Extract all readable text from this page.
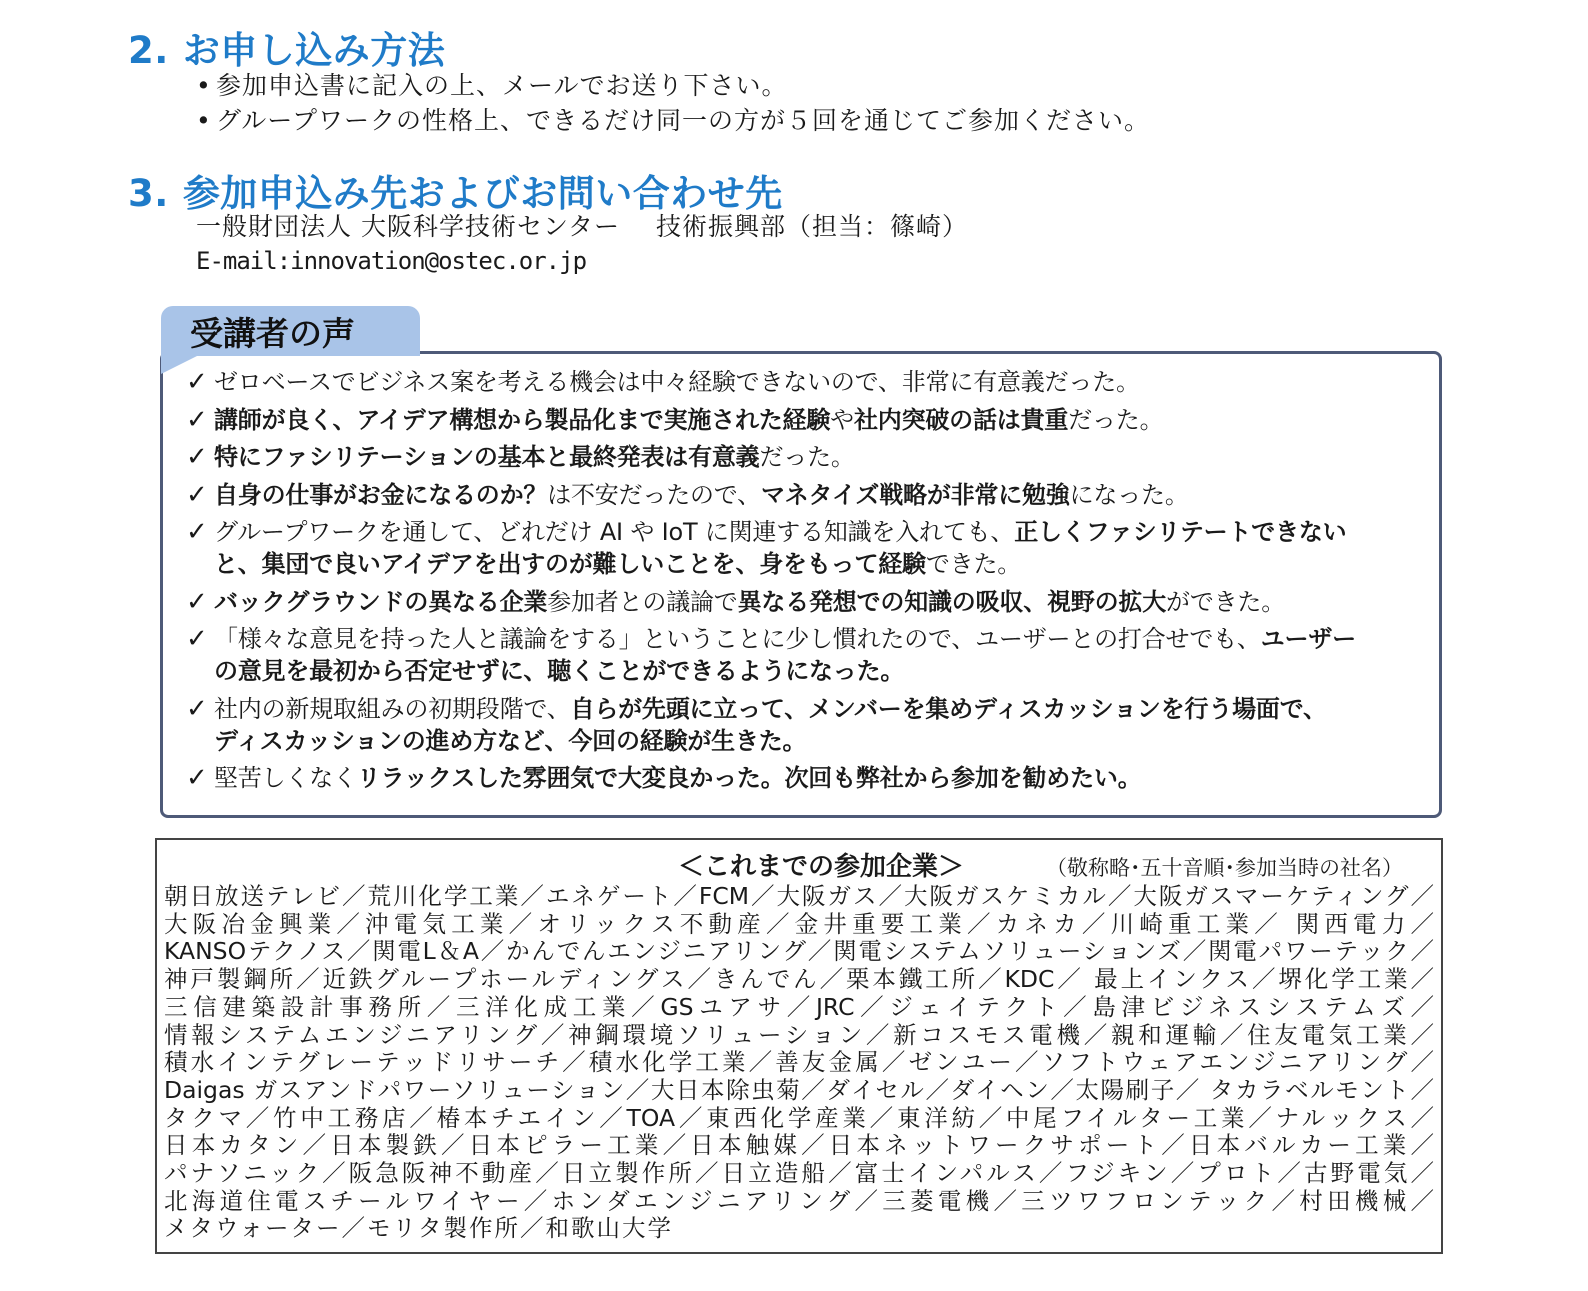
2. お申し込み方法
• 参加申込書に記入の上、メールでお送り下さい。
• グループワークの性格上、できるだけ同一の方が５回を通じてご参加ください。
3. 参加申込み先およびお問い合わせ先
一般財団法人 大阪科学技術センター 技術振興部（担当：篠崎）
E-mail:innovation@ostec.or.jp
受講者の声
✓ ゼロベースでビジネス案を考える機会は中々経験できないので、非常に有意義だった。
✓ 講師が良く、アイデア構想から製品化まで実施された経験や社内突破の話は貴重だった。
✓ 特にファシリテーションの基本と最終発表は有意義だった。
✓ 自身の仕事がお金になるのか？は不安だったので、マネタイズ戦略が非常に勉強になった。
✓ グループワークを通して、どれだけ AI や IoT に関連する知識を入れても、正しくファシリテートできない
と、集団で良いアイデアを出すのが難しいことを、身をもって経験できた。
✓ バックグラウンドの異なる企業参加者との議論で異なる発想での知識の吸収、視野の拡大ができた。
✓ 「様々な意見を持った人と議論をする」ということに少し慣れたので、ユーザーとの打合せでも、ユーザー
の意見を最初から否定せずに、聴くことができるようになった。
✓ 社内の新規取組みの初期段階で、自らが先頭に立って、メンバーを集めディスカッションを行う場面で、
ディスカッションの進め方など、今回の経験が生きた。
✓ 堅苦しくなくリラックスした雰囲気で大変良かった。次回も弊社から参加を勧めたい。
＜これまでの参加企業＞	（敬称略･五十音順･参加当時の社名）
朝日放送テレビ／荒川化学工業／エネゲート／FCM／大阪ガス／大阪ガスケミカル／大阪ガスマーケティング／
大阪冶金興業／沖電気工業／オリックス不動産／金井重要工業／カネカ／川崎重工業／ 関西電力／
KANSOテクノス／関電L＆A／かんでんエンジニアリング／関電システムソリューションズ／関電パワーテック／
神戸製鋼所／近鉄グループホールディングス／きんでん／栗本鐵工所／KDC／ 最上インクス／堺化学工業／
三信建築設計事務所／三洋化成工業／GSユアサ／JRC／ジェイテクト／島津ビジネスシステムズ／
情報システムエンジニアリング／神鋼環境ソリューション／新コスモス電機／親和運輸／住友電気工業／
積水インテグレーテッドリサーチ／積水化学工業／善友金属／ゼンユー／ソフトウェアエンジニアリング／
Daigas ガスアンドパワーソリューション／大日本除虫菊／ダイセル／ダイヘン／太陽刷子／ タカラベルモント／
タクマ／竹中工務店／椿本チエイン／TOA／東西化学産業／東洋紡／中尾フイルター工業／ナルックス／
日本カタン／日本製鉄／日本ピラー工業／日本触媒／日本ネットワークサポート／日本バルカー工業／
パナソニック／阪急阪神不動産／日立製作所／日立造船／富士インパルス／フジキン／プロト／古野電気／
北海道住電スチールワイヤー／ホンダエンジニアリング／三菱電機／三ツワフロンテック／村田機械／
メタウォーター／モリタ製作所／和歌山大学
